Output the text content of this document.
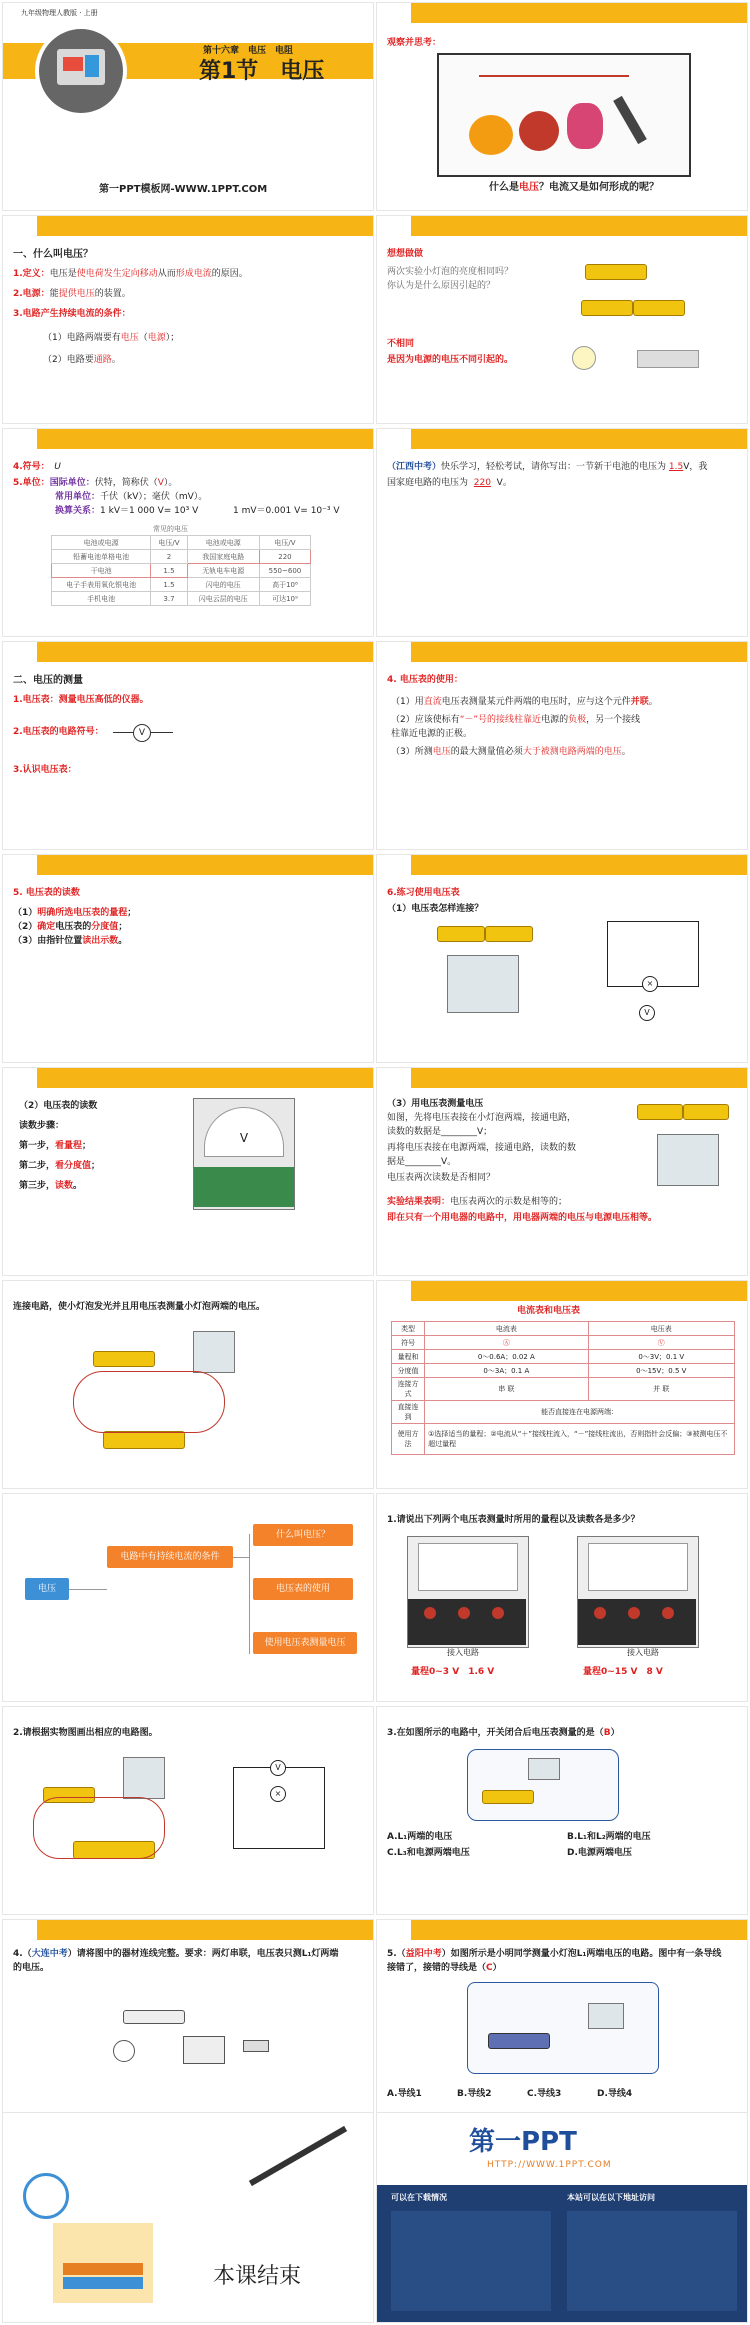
九年级物理人教版 · 上册
第十六章　电压　电阻
第1节　电压
第一PPT模板网-WWW.1PPT.COM
观察并思考：
什么是电压？电流又是如何形成的呢？
一、什么叫电压？
1.定义：电压是使电荷发生定向移动从而形成电流的原因。
2.电源：能提供电压的装置。
3.电路产生持续电流的条件：
（1）电路两端要有电压（电源）；
（2）电路要通路。
想想做做
两次实验小灯泡的亮度相同吗？
你认为是什么原因引起的？
不相同
是因为电源的电压不同引起的。
4.符号：　 U
5.单位：国际单位：伏特，简称伏（V）。
常用单位：千伏（kV）；毫伏（mV）。
换算关系：1 kV＝1 000 V= 10³ V	1 mV＝0.001 V= 10⁻³ V
常见的电压
电池或电源	电压/V	电池或电源	电压/V
铅蓄电池单格电池	2	我国家庭电路	220
干电池	1.5	无轨电车电源	550~600
电子手表用氧化银电池	1.5	闪电的电压	高于10⁶
手机电池	3.7	闪电云层的电压	可达10⁹
（江西中考）快乐学习，轻松考试，请你写出：一节新干电池的电压为 1.5V，我
国家庭电路的电压为 220 V。
二、电压的测量
1.电压表：测量电压高低的仪器。
2.电压表的电路符号：	V
3.认识电压表：
4. 电压表的使用：
（1）用直流电压表测量某元件两端的电压时，应与这个元件并联。
（2）应该使标有“－”号的接线柱靠近电源的负极，另一个接线
柱靠近电源的正极。
（3）所测电压的最大测量值必须大于被测电路两端的电压。
5. 电压表的读数
（1）明确所选电压表的量程；
（2）确定电压表的分度值；
（3）由指针位置读出示数。
6.练习使用电压表
（1）电压表怎样连接？
×
V
（2）电压表的读数
读数步骤：
第一步，看量程；
第二步，看分度值；
第三步，读数。
V
（3）用电压表测量电压
如图，先将电压表接在小灯泡两端，接通电路，
读数的数据是________V；
再将电压表接在电源两端，接通电路，读数的数
据是________V。
电压表两次读数是否相同？
实验结果表明：电压表两次的示数是相等的；
即在只有一个用电器的电路中，用电器两端的电压与电源电压相等。
连接电路，使小灯泡发光并且用电压表测量小灯泡两端的电压。	电流表和电压表
类型	电流表	电压表
符号	Ⓐ	Ⓥ
量程和	0～0.6A；0.02 A	0～3V；0.1 V
分度值	0～3A；0.1 A	0～15V；0.5 V
连接方式	串 联	并 联
直接连到	能否直接连在电源两端：	
使用方法	①选择适当的量程；②电流从“＋”接线柱流入，“－”接线柱流出，否则指针会反偏；③被测电压不超过量程	
电压
电路中有持续电流的条件
什么叫电压？
电压表的使用
使用电压表测量电压
1.请说出下列两个电压表测量时所用的量程以及读数各是多少？
接入电路	接入电路
量程0~3 V　 1.6 V	量程0~15 V　 8 V
2.请根据实物图画出相应的电路图。
V
×
3.在如图所示的电路中，开关闭合后电压表测量的是（B）
A.L₁两端的电压	B.L₁和L₂两端的电压
C.L₃和电源两端电压	D.电源两端电压
4.（大连中考）请将图中的器材连线完整。要求：两灯串联，电压表只测L₁灯两端
的电压。
5.（益阳中考）如图所示是小明同学测量小灯泡L₁两端电压的电路。图中有一条导线
接错了，接错的导线是（C）
A.导线1	B.导线2	C.导线3	D.导线4
本课结束
第一PPT
HTTP://WWW.1PPT.COM
可以在下载情况	本站可以在以下地址访问
